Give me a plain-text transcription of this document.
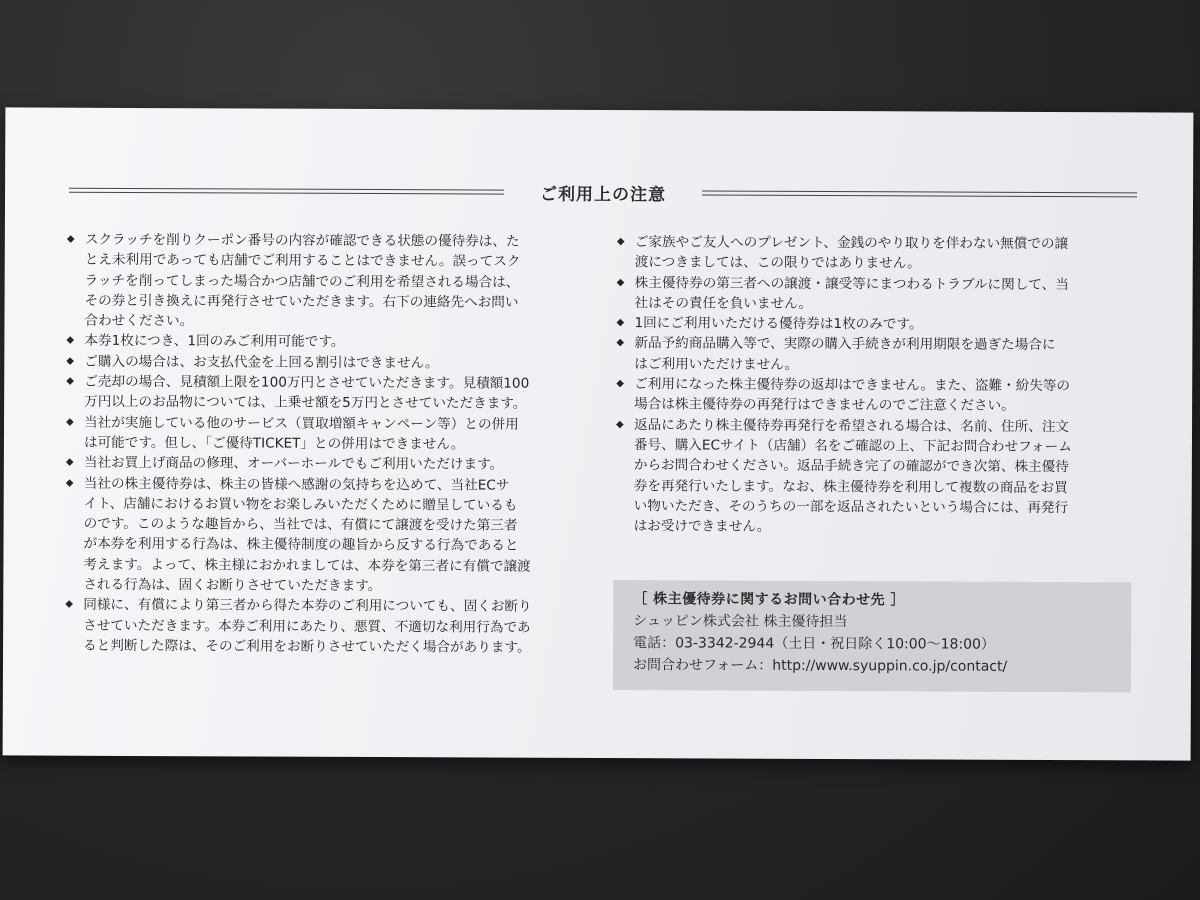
ご利用上の注意
◆ スクラッチを削りクーポン番号の内容が確認できる状態の優待券は、た
とえ未利用であっても店舗でご利用することはできません。誤ってスク
ラッチを削ってしまった場合かつ店舗でのご利用を希望される場合は、
その券と引き換えに再発行させていただきます。右下の連絡先へお問い
合わせください。
◆ 本券1枚につき、1回のみご利用可能です。
◆ ご購入の場合は、お支払代金を上回る割引はできません。
◆ ご売却の場合、見積額上限を100万円とさせていただきます。見積額100
万円以上のお品物については、上乗せ額を5万円とさせていただきます。
◆ 当社が実施している他のサービス（買取増額キャンペーン等）との併用
は可能です。但し、「ご優待TICKET」との併用はできません。
◆ 当社お買上げ商品の修理、オーバーホールでもご利用いただけます。
◆ 当社の株主優待券は、株主の皆様へ感謝の気持ちを込めて、当社ECサ
イト、店舗におけるお買い物をお楽しみいただくために贈呈しているも
のです。このような趣旨から、当社では、有償にて譲渡を受けた第三者
が本券を利用する行為は、株主優待制度の趣旨から反する行為であると
考えます。よって、株主様におかれましては、本券を第三者に有償で譲渡
される行為は、固くお断りさせていただきます。
◆ 同様に、有償により第三者から得た本券のご利用についても、固くお断り
させていただきます。本券ご利用にあたり、悪質、不適切な利用行為であ
ると判断した際は、そのご利用をお断りさせていただく場合があります。
◆ ご家族やご友人へのプレゼント、金銭のやり取りを伴わない無償での譲
渡につきましては、この限りではありません。
◆ 株主優待券の第三者への譲渡・譲受等にまつわるトラブルに関して、当
社はその責任を負いません。
◆ 1回にご利用いただける優待券は1枚のみです。
◆ 新品予約商品購入等で、実際の購入手続きが利用期限を過ぎた場合に
はご利用いただけません。
◆ ご利用になった株主優待券の返却はできません。また、盗難・紛失等の
場合は株主優待券の再発行はできませんのでご注意ください。
◆ 返品にあたり株主優待券再発行を希望される場合は、名前、住所、注文
番号、購入ECサイト（店舗）名をご確認の上、下記お問合わせフォーム
からお問合わせください。返品手続き完了の確認ができ次第、株主優待
券を再発行いたします。なお、株主優待券を利用して複数の商品をお買
い物いただき、そのうちの一部を返品されたいという場合には、再発行
はお受けできません。
［ 株主優待券に関するお問い合わせ先 ］
シュッピン株式会社 株主優待担当
電話：03-3342-2944（土日・祝日除く10:00〜18:00）
お問合わせフォーム：http://www.syuppin.co.jp/contact/
